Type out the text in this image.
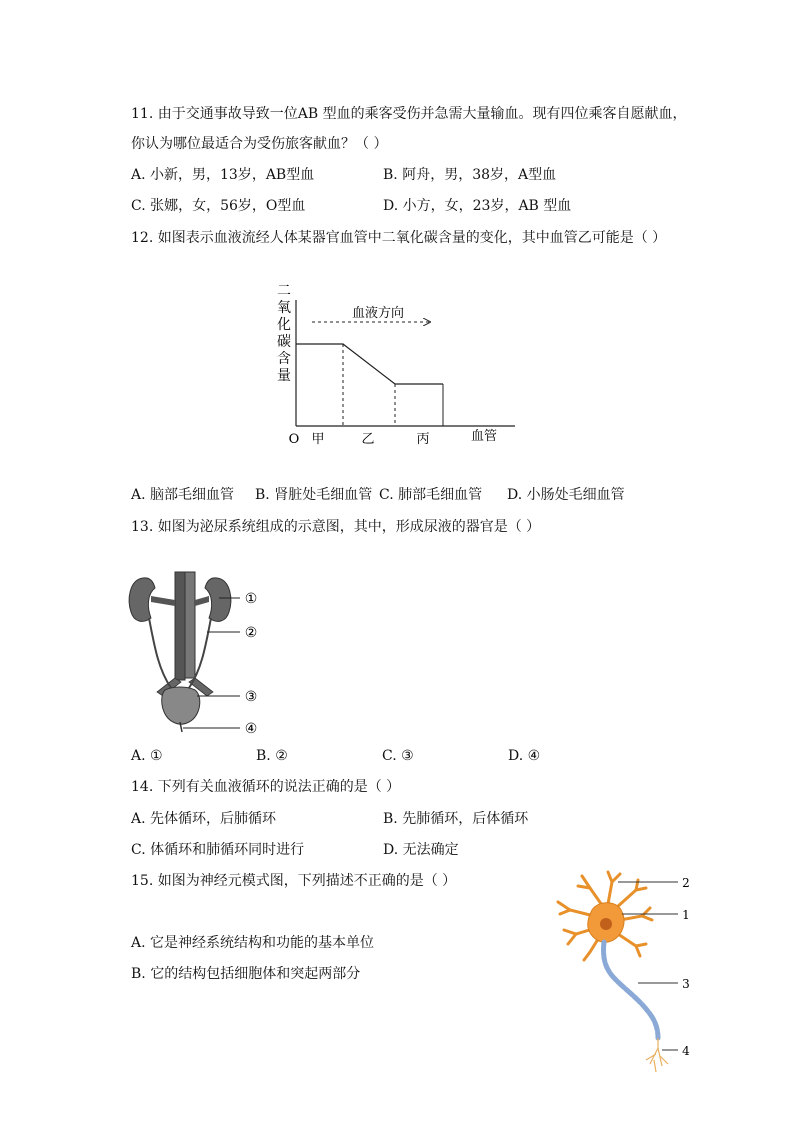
11. 由于交通事故导致一位AB 型血的乘客受伤并急需大量输血。现有四位乘客自愿献血，
你认为哪位最适合为受伤旅客献血？（ ）
A. 小新，男，13岁，AB型血	B. 阿舟，男，38岁，A型血
C. 张娜，女，56岁，O型血	D. 小方，女，23岁，AB 型血
12. 如图表示血液流经人体某器官血管中二氧化碳含量的变化，其中血管乙可能是（ ）
二
氧
化
碳
含
量
血液方向
O 甲	乙	丙	血管
A. 脑部毛细血管 B. 肾脏处毛细血管 C. 肺部毛细血管 D. 小肠处毛细血管
13. 如图为泌尿系统组成的示意图，其中，形成尿液的器官是（ ）
①
②
③
④
A. ①	B. ②	C. ③	D. ④
14. 下列有关血液循环的说法正确的是（ ）
A. 先体循环，后肺循环	B. 先肺循环，后体循环
C. 体循环和肺循环同时进行	D. 无法确定
15. 如图为神经元模式图，下列描述不正确的是（ ）
A. 它是神经系统结构和功能的基本单位
B. 它的结构包括细胞体和突起两部分
2
1
3
4
